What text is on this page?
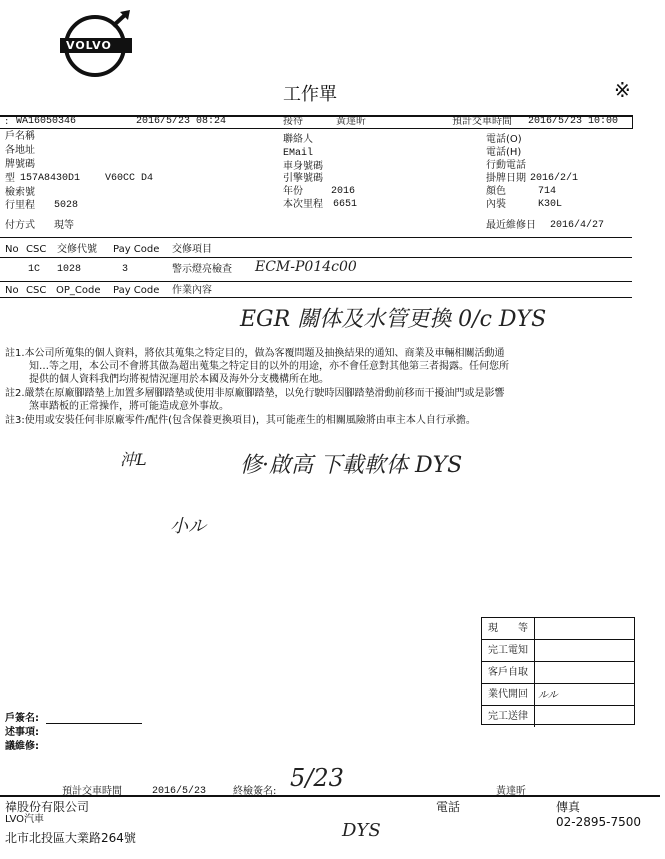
VOLVO
工作單	※
: WA16050346	2016/5/23 08:24	接待	黃達昕	預計交車時間 2016/5/23 10:00
戶名稱
各地址
牌號碼
型 157A8430D1 V60CC D4
檢索號
行里程 5028
付方式 現等
聯絡人
EMail
車身號碼
引擎號碼
年份	2016
本次里程 6651
電話(O)
電話(H)
行動電話
掛牌日期 2016/2/1
顏色	714
內裝	K30L
最近維修日 2016/4/27
No CSC 交修代號 Pay Code 交修項目
1C 1028	3	警示燈亮檢查 ECM-P014c00
No CSC OP_Code Pay Code 作業內容
EGR 關体及水管更換 0/c DYS
註1.本公司所蒐集的個人資料，將依其蒐集之特定目的，做為客覆問題及抽換結果的通知、商業及車輛相關活動通
知…等之用，本公司不會將其做為超出蒐集之特定目的以外的用途，亦不會任意對其他第三者揭露。任何您所
提供的個人資料我們均將視情況運用於本國及海外分支機構所在地。
註2.嚴禁在原廠腳踏墊上加置多層腳踏墊或使用非原廠腳踏墊，以免行駛時因腳踏墊滑動前移而干擾油門或是影響
煞車踏板的正常操作，將可能造成意外事故。
註3:使用或安裝任何非原廠零件/配件(包含保養更換項目)，其可能產生的相關風險將由車主本人自行承擔。
沖L	修·啟高 下載軟体 DYS
小ル
現　　等
完工電知
客戶自取
業代開回	ルル
完工送律
戶簽名:
述事項:
議維修:
預計交車時間	2016/5/23	終檢簽名: 5/23	黃達昕
禕股份有限公司
LVO汽車
北市北投區大業路264號	DYS
電話	傳真
02-2895-7500
